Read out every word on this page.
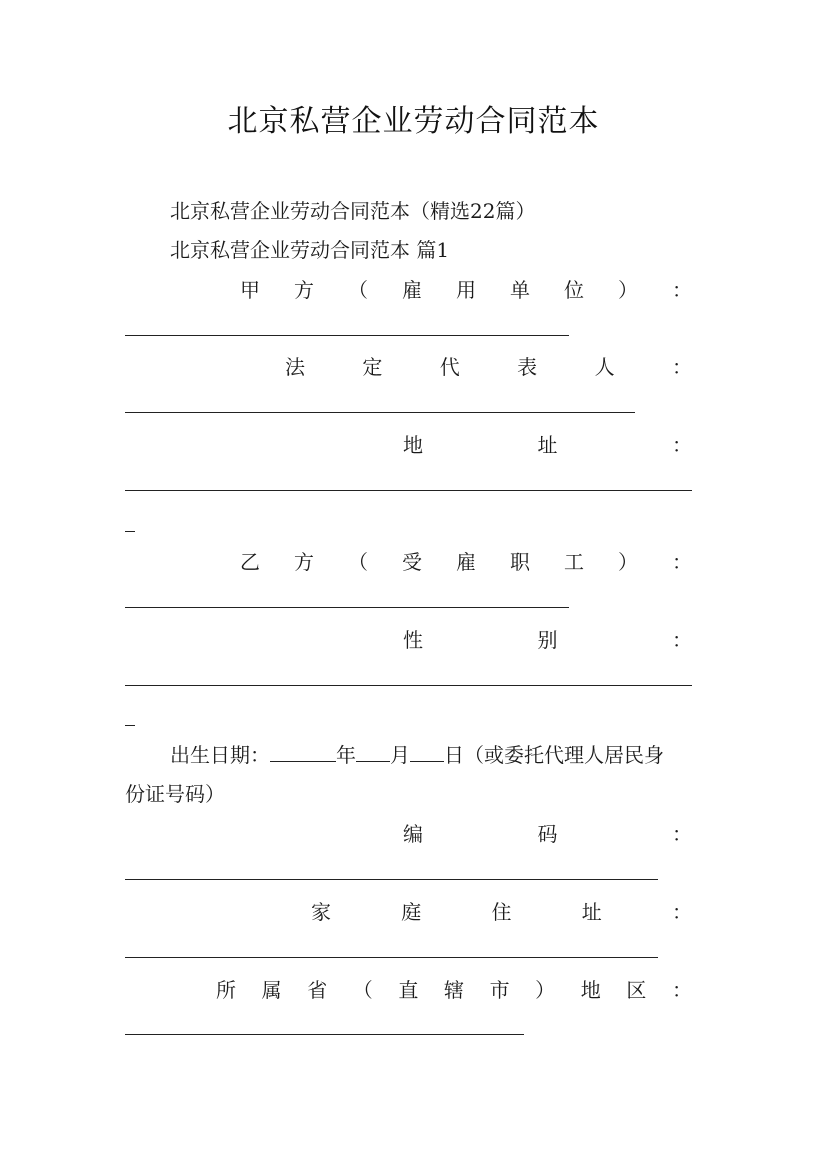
北京私营企业劳动合同范本
北京私营企业劳动合同范本（精选22篇）
北京私营企业劳动合同范本 篇1
甲 方 （ 雇 用 单 位 ） ：
法	定	代	表	人	：
地	址	：
乙 方 （ 受 雇 职 工 ） ：
性	别	：
出生日期：	年 月 日（或委托代理人居民身
份证号码）
编	码	：
家	庭	住	址	：
所 属 省 （ 直 辖 市 ） 地 区 ：
